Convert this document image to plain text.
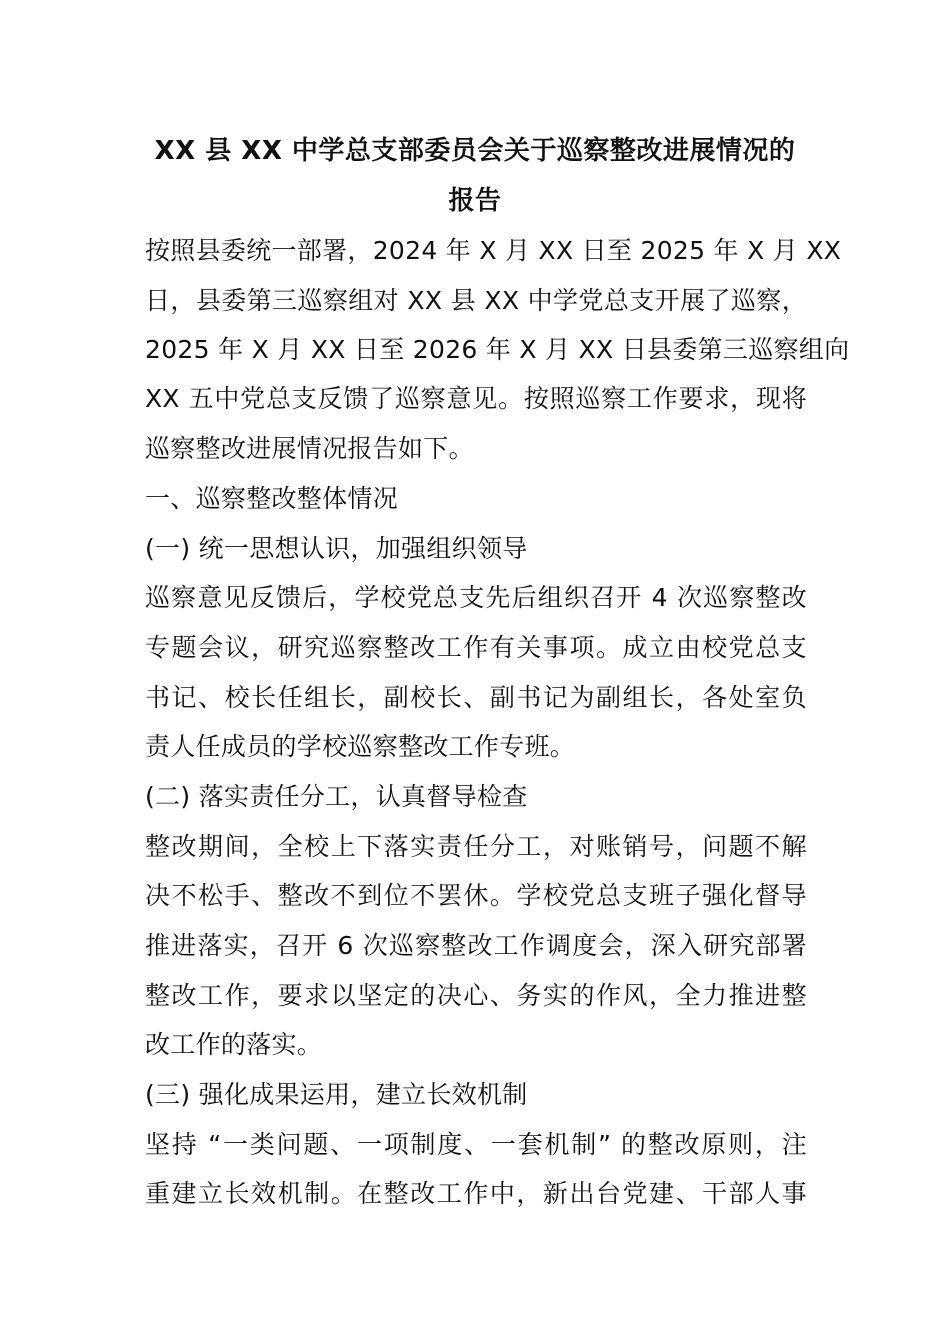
XX 县 XX 中学总支部委员会关于巡察整改进展情况的
报告
按照县委统一部署，2024 年 X 月 XX 日至 2025 年 X 月 XX
日，县委第三巡察组对 XX 县 XX 中学党总支开展了巡察，
2025 年 X 月 XX 日至 2026 年 X 月 XX 日县委第三巡察组向
XX 五中党总支反馈了巡察意见。按照巡察工作要求，现将
巡察整改进展情况报告如下。
一、巡察整改整体情况
(一) 统一思想认识，加强组织领导
巡察意见反馈后，学校党总支先后组织召开 4 次巡察整改
专题会议，研究巡察整改工作有关事项。成立由校党总支
书记、校长任组长，副校长、副书记为副组长，各处室负
责人任成员的学校巡察整改工作专班。
(二) 落实责任分工，认真督导检查
整改期间，全校上下落实责任分工，对账销号，问题不解
决不松手、整改不到位不罢休。学校党总支班子强化督导
推进落实，召开 6 次巡察整改工作调度会，深入研究部署
整改工作，要求以坚定的决心、务实的作风，全力推进整
改工作的落实。
(三) 强化成果运用，建立长效机制
坚持 “一类问题、一项制度、一套机制” 的整改原则，注
重建立长效机制。在整改工作中，新出台党建、干部人事
